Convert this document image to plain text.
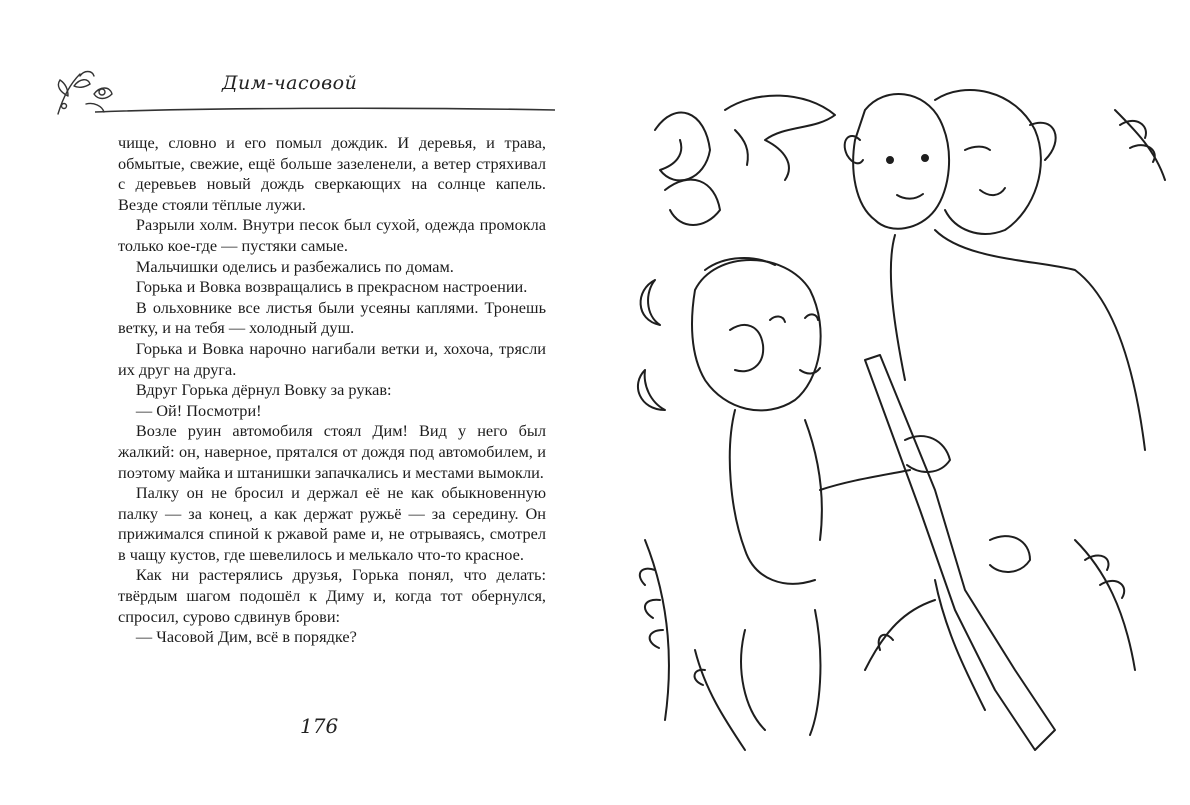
Дим-часовой

чище, словно и его помыл дождик. И деревья, и трава, обмытые, свежие, ещё больше зазеленели, а ветер стряхивал с деревьев новый дождь сверкающих на солнце капель. Везде стояли тёплые лужи.

Разрыли холм. Внутри песок был сухой, одежда промокла только кое-где — пустяки самые.

Мальчишки оделись и разбежались по домам.

Горька и Вовка возвращались в прекрасном настроении.

В ольховнике все листья были усеяны каплями. Тронешь ветку, и на тебя — холодный душ.

Горька и Вовка нарочно нагибали ветки и, хохоча, трясли их друг на друга.

Вдруг Горька дёрнул Вовку за рукав:

— Ой! Посмотри!

Возле руин автомобиля стоял Дим! Вид у него был жалкий: он, наверное, прятался от дождя под автомобилем, и поэтому майка и штанишки запачкались и местами вымокли.

Палку он не бросил и держал её не как обыкновенную палку — за конец, а как держат ружьё — за середину. Он прижимался спиной к ржавой раме и, не отрываясь, смотрел в чащу кустов, где шевелилось и мелькало что-то красное.

Как ни растерялись друзья, Горька понял, что делать: твёрдым шагом подошёл к Диму и, когда тот обернулся, спросил, сурово сдвинув брови:

— Часовой Дим, всё в порядке?

176
